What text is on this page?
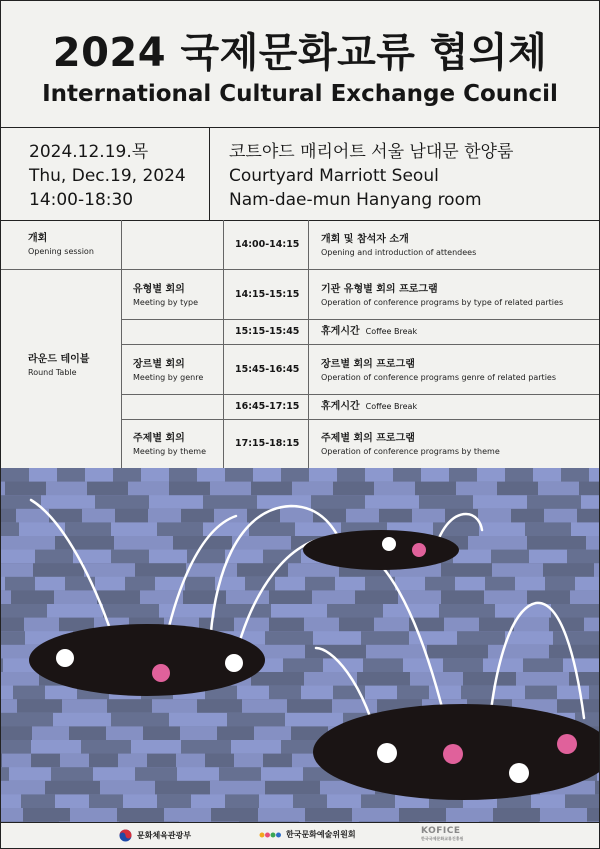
2024 국제문화교류 협의체
International Cultural Exchange Council
2024.12.19.목
Thu, Dec.19, 2024
14:00-18:30
코트야드 매리어트 서울 남대문 한양룸
Courtyard Marriott Seoul
Nam-dae-mun Hanyang room
개회
Opening session
14:00-14:15 개회 및 참석자 소개
Opening and introduction of attendees
라운드 테이블
Round Table
유형별 회의
Meeting by type
14:15-15:15 기관 유형별 회의 프로그램
Operation of conference programs by type of related parties
15:15-15:45 휴게시간 Coffee Break
장르별 회의
Meeting by genre
15:45-16:45 장르별 회의 프로그램
Operation of conference programs genre of related parties
16:45-17:15 휴게시간 Coffee Break
주제별 회의
Meeting by theme
17:15-18:15 주제별 회의 프로그램
Operation of conference programs by theme
문화체육관광부	한국문화예술위원회	KOFICE
한국국제문화교류진흥원
